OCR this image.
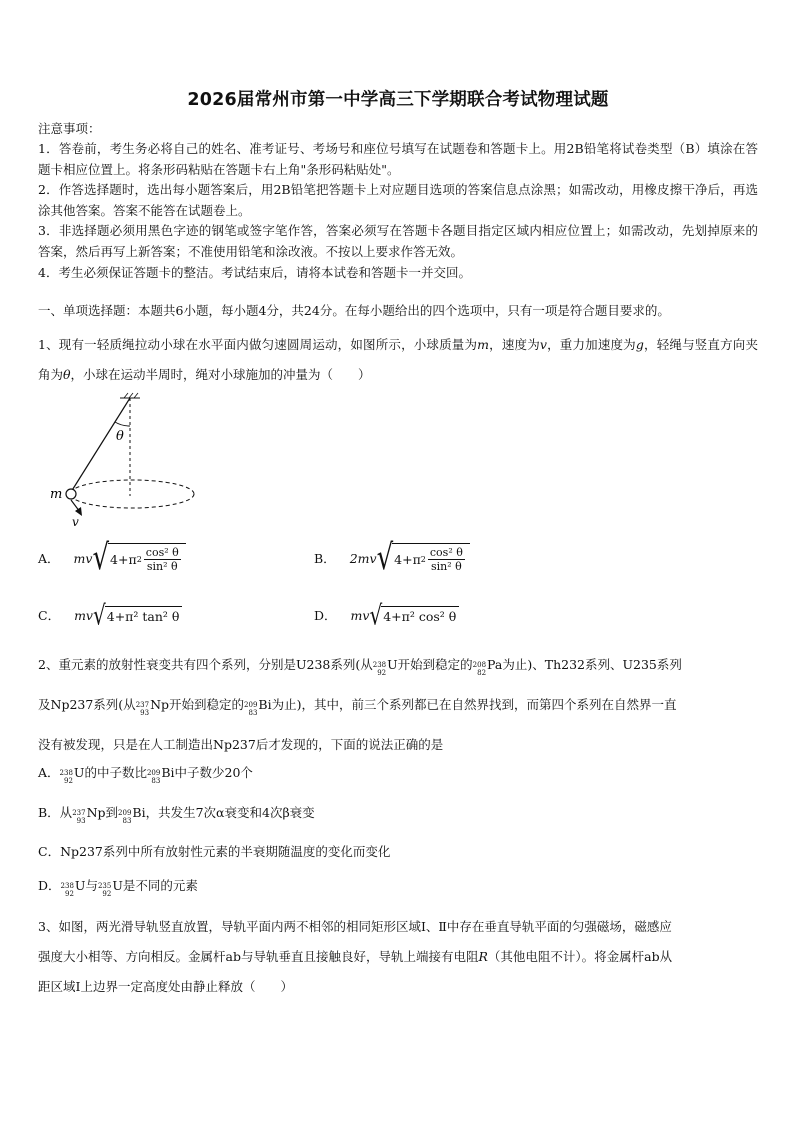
2026届常州市第一中学高三下学期联合考试物理试题
注意事项：
1．答卷前，考生务必将自己的姓名、准考证号、考场号和座位号填写在试题卷和答题卡上。用2B铅笔将试卷类型（B）填涂在答题卡相应位置上。将条形码粘贴在答题卡右上角"条形码粘贴处"。
2．作答选择题时，选出每小题答案后，用2B铅笔把答题卡上对应题目选项的答案信息点涂黑；如需改动，用橡皮擦干净后，再选涂其他答案。答案不能答在试题卷上。
3．非选择题必须用黑色字迹的钢笔或签字笔作答，答案必须写在答题卡各题目指定区域内相应位置上；如需改动，先划掉原来的答案，然后再写上新答案；不准使用铅笔和涂改液。不按以上要求作答无效。
4．考生必须保证答题卡的整洁。考试结束后，请将本试卷和答题卡一并交回。
一、单项选择题：本题共6小题，每小题4分，共24分。在每小题给出的四个选项中，只有一项是符合题目要求的。
1、现有一轻质绳拉动小球在水平面内做匀速圆周运动，如图所示，小球质量为m，速度为v，重力加速度为g，轻绳与竖直方向夹角为θ，小球在运动半周时，绳对小球施加的冲量为（　　）
θ
m
v
A． mv √ 4+π $2 \frac{\text{cos² θ}}{\text{sin² θ}}$	B． 2mv √ 4+π $2 \frac{\text{cos² θ}}{\text{sin² θ}}$
C． mv √ 4+π² tan² θ	D． mv √ 4+π² cos² θ
2、重元素的放射性衰变共有四个系列，分别是U238系列(从 238
92
U开始到稳定的 208
82
Pa为止)、Th232系列、U235系列
及Np237系列(从 237
93
Np开始到稳定的 209
83
Bi为止)，其中，前三个系列都已在自然界找到，而第四个系列在自然界一直
没有被发现，只是在人工制造出Np237后才发现的，下面的说法正确的是
A． 238
92
U的中子数比 209
83
Bi中子数少20个
B．从 237
93
Np到 209
83
Bi，共发生7次α衰变和4次β衰变
C．Np237系列中所有放射性元素的半衰期随温度的变化而变化
D． 238
92
U与 235
92
U是不同的元素
3、如图，两光滑导轨竖直放置，导轨平面内两不相邻的相同矩形区域Ⅰ、Ⅱ中存在垂直导轨平面的匀强磁场，磁感应
强度大小相等、方向相反。金属杆ab与导轨垂直且接触良好，导轨上端接有电阻R（其他电阻不计）。将金属杆ab从
距区域Ⅰ上边界一定高度处由静止释放（　　）
